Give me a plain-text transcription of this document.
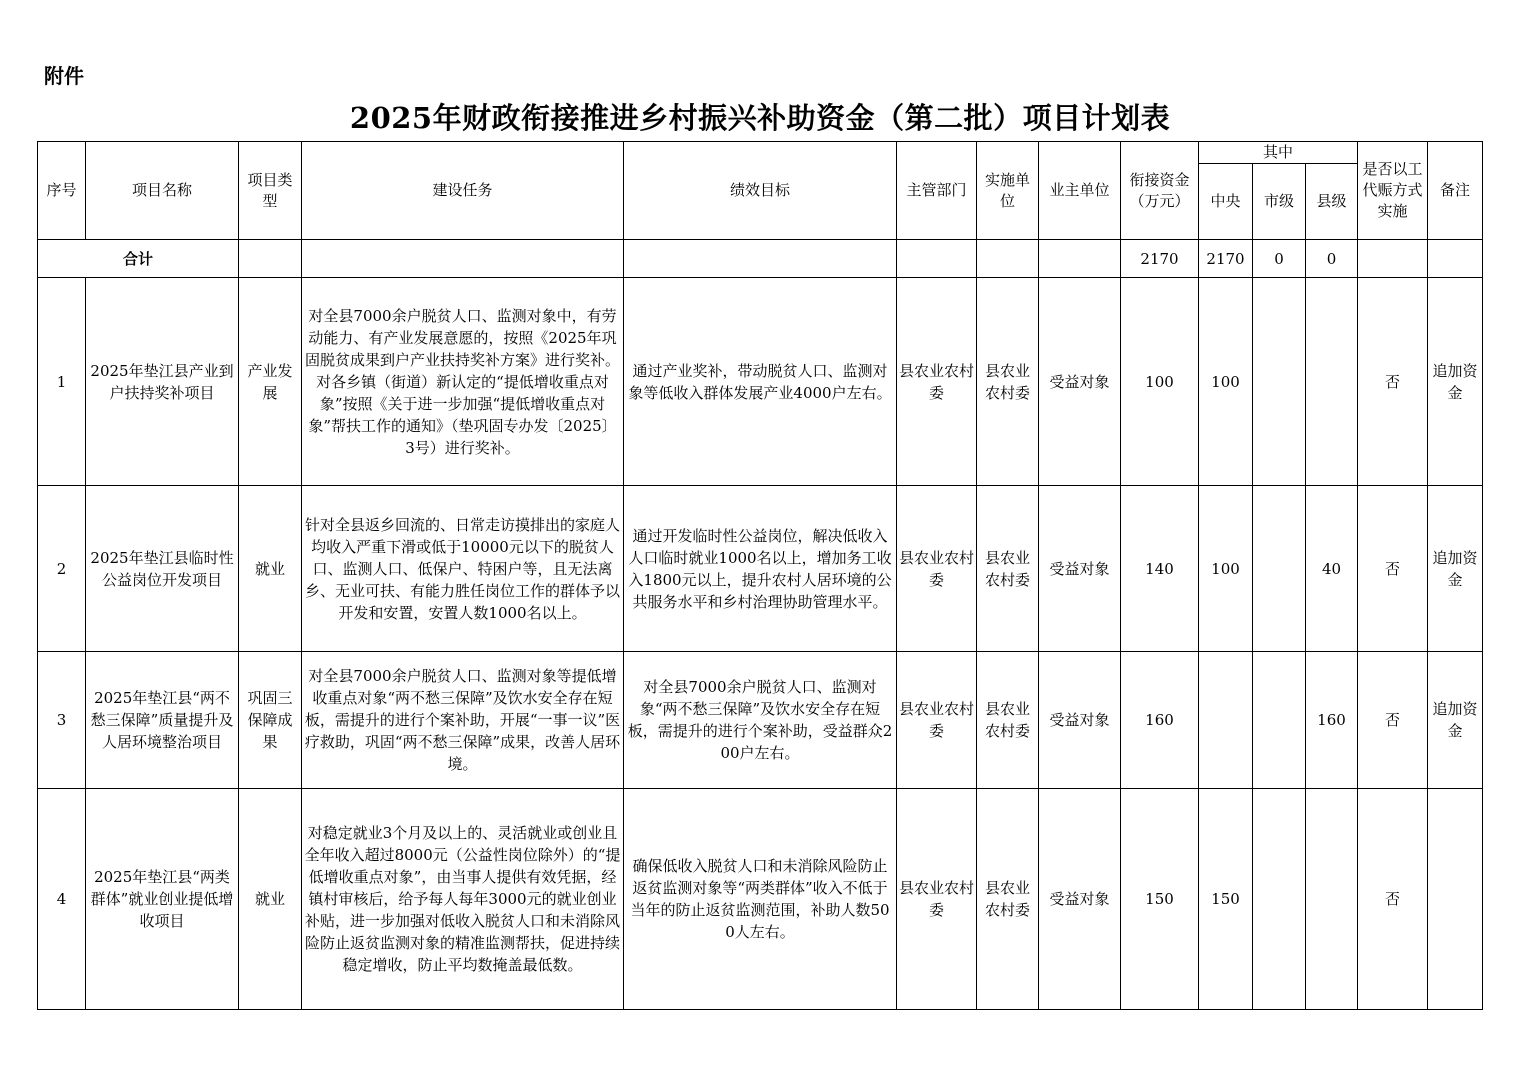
附件
2025年财政衔接推进乡村振兴补助资金（第二批）项目计划表
序号	项目名称	项目类型	建设任务	绩效目标	主管部门	实施单位	业主单位	衔接资金（万元）	其中			是否以工代赈方式实施	备注
									中央	市级	县级		
合计								2170	2170	0	0		
1	2025年垫江县产业到户扶持奖补项目	产业发展	对全县7000余户脱贫人口、监测对象中，有劳动能力、有产业发展意愿的，按照《2025年巩固脱贫成果到户产业扶持奖补方案》进行奖补。对各乡镇（街道）新认定的“提低增收重点对象”按照《关于进一步加强“提低增收重点对象”帮扶工作的通知》（垫巩固专办发〔2025〕3号）进行奖补。	通过产业奖补，带动脱贫人口、监测对象等低收入群体发展产业4000户左右。	县农业农村委	县农业农村委	受益对象	100	100			否	追加资金
2	2025年垫江县临时性公益岗位开发项目	就业	针对全县返乡回流的、日常走访摸排出的家庭人均收入严重下滑或低于10000元以下的脱贫人口、监测人口、低保户、特困户等，且无法离乡、无业可扶、有能力胜任岗位工作的群体予以开发和安置，安置人数1000名以上。	通过开发临时性公益岗位，解决低收入人口临时就业1000名以上，增加务工收入1800元以上，提升农村人居环境的公共服务水平和乡村治理协助管理水平。	县农业农村委	县农业农村委	受益对象	140	100		40	否	追加资金
3	2025年垫江县“两不愁三保障”质量提升及人居环境整治项目	巩固三保障成果	对全县7000余户脱贫人口、监测对象等提低增收重点对象“两不愁三保障”及饮水安全存在短板，需提升的进行个案补助，开展“一事一议”医疗救助，巩固“两不愁三保障”成果，改善人居环境。	对全县7000余户脱贫人口、监测对象“两不愁三保障”及饮水安全存在短板，需提升的进行个案补助，受益群众200户左右。	县农业农村委	县农业农村委	受益对象	160			160	否	追加资金
4	2025年垫江县“两类群体”就业创业提低增收项目	就业	对稳定就业3个月及以上的、灵活就业或创业且全年收入超过8000元（公益性岗位除外）的“提低增收重点对象”，由当事人提供有效凭据，经镇村审核后，给予每人每年3000元的就业创业补贴，进一步加强对低收入脱贫人口和未消除风险防止返贫监测对象的精准监测帮扶，促进持续稳定增收，防止平均数掩盖最低数。	确保低收入脱贫人口和未消除风险防止返贫监测对象等“两类群体”收入不低于当年的防止返贫监测范围，补助人数500人左右。	县农业农村委	县农业农村委	受益对象	150	150			否	
